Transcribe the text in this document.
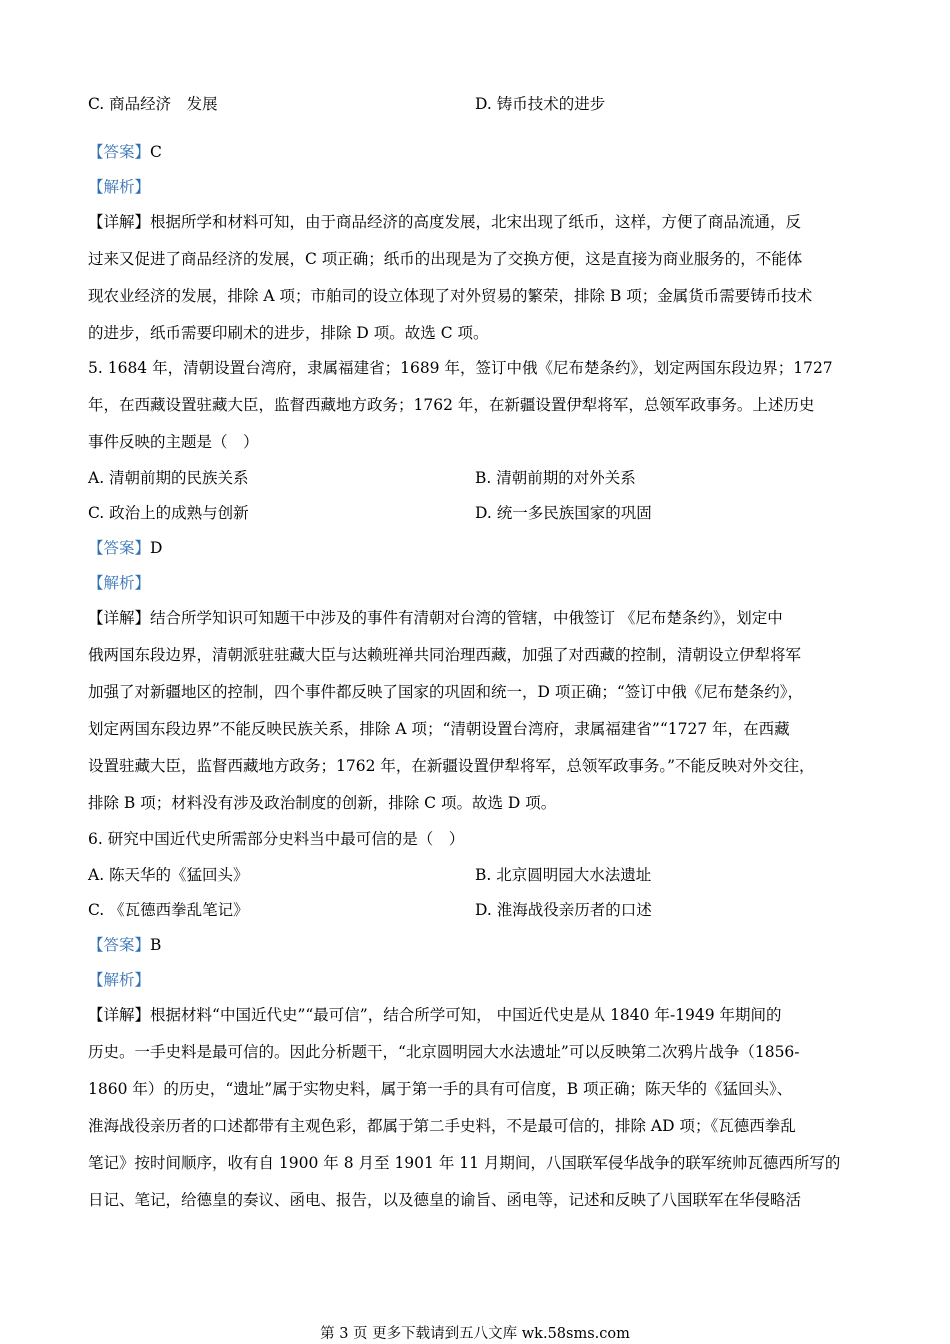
C. 商品经济　发展	D. 铸币技术的进步
【答案】C
【解析】
【详解】根据所学和材料可知，由于商品经济的高度发展，北宋出现了纸币，这样，方便了商品流通，反
过来又促进了商品经济的发展，C 项正确；纸币的出现是为了交换方便，这是直接为商业服务的，不能体
现农业经济的发展，排除 A 项；市舶司的设立体现了对外贸易的繁荣，排除 B 项；金属货币需要铸币技术
的进步，纸币需要印刷术的进步，排除 D 项。故选 C 项。
5. 1684 年，清朝设置台湾府，隶属福建省；1689 年，签订中俄《尼布楚条约》，划定两国东段边界；1727
年，在西藏设置驻藏大臣，监督西藏地方政务；1762 年，在新疆设置伊犁将军，总领军政事务。上述历史
事件反映的主题是（　）
A. 清朝前期的民族关系	B. 清朝前期的对外关系
C. 政治上的成熟与创新	D. 统一多民族国家的巩固
【答案】D
【解析】
【详解】结合所学知识可知题干中涉及的事件有清朝对台湾的管辖，中俄签订 《尼布楚条约》，划定中
俄两国东段边界，清朝派驻驻藏大臣与达赖班禅共同治理西藏，加强了对西藏的控制，清朝设立伊犁将军
加强了对新疆地区的控制，四个事件都反映了国家的巩固和统一，D 项正确；“签订中俄《尼布楚条约》，
划定两国东段边界”不能反映民族关系，排除 A 项；“清朝设置台湾府，隶属福建省”“1727 年，在西藏
设置驻藏大臣，监督西藏地方政务；1762 年，在新疆设置伊犁将军，总领军政事务。”不能反映对外交往，
排除 B 项；材料没有涉及政治制度的创新，排除 C 项。故选 D 项。
6. 研究中国近代史所需部分史料当中最可信的是（　）
A. 陈天华的《猛回头》	B. 北京圆明园大水法遗址
C. 《瓦德西拳乱笔记》	D. 淮海战役亲历者的口述
【答案】B
【解析】
【详解】根据材料“中国近代史”“最可信”，结合所学可知， 中国近代史是从 1840 年-1949 年期间的
历史。一手史料是最可信的。因此分析题干，“北京圆明园大水法遗址”可以反映第二次鸦片战争（1856-
1860 年）的历史，“遗址”属于实物史料，属于第一手的具有可信度，B 项正确；陈天华的《猛回头》、
淮海战役亲历者的口述都带有主观色彩，都属于第二手史料，不是最可信的，排除 AD 项；《瓦德西拳乱
笔记》按时间顺序，收有自 1900 年 8 月至 1901 年 11 月期间，八国联军侵华战争的联军统帅瓦德西所写的
日记、笔记，给德皇的奏议、函电、报告，以及德皇的谕旨、函电等，记述和反映了八国联军在华侵略活
第 3 页 更多下载请到五八文库 wk.58sms.com
